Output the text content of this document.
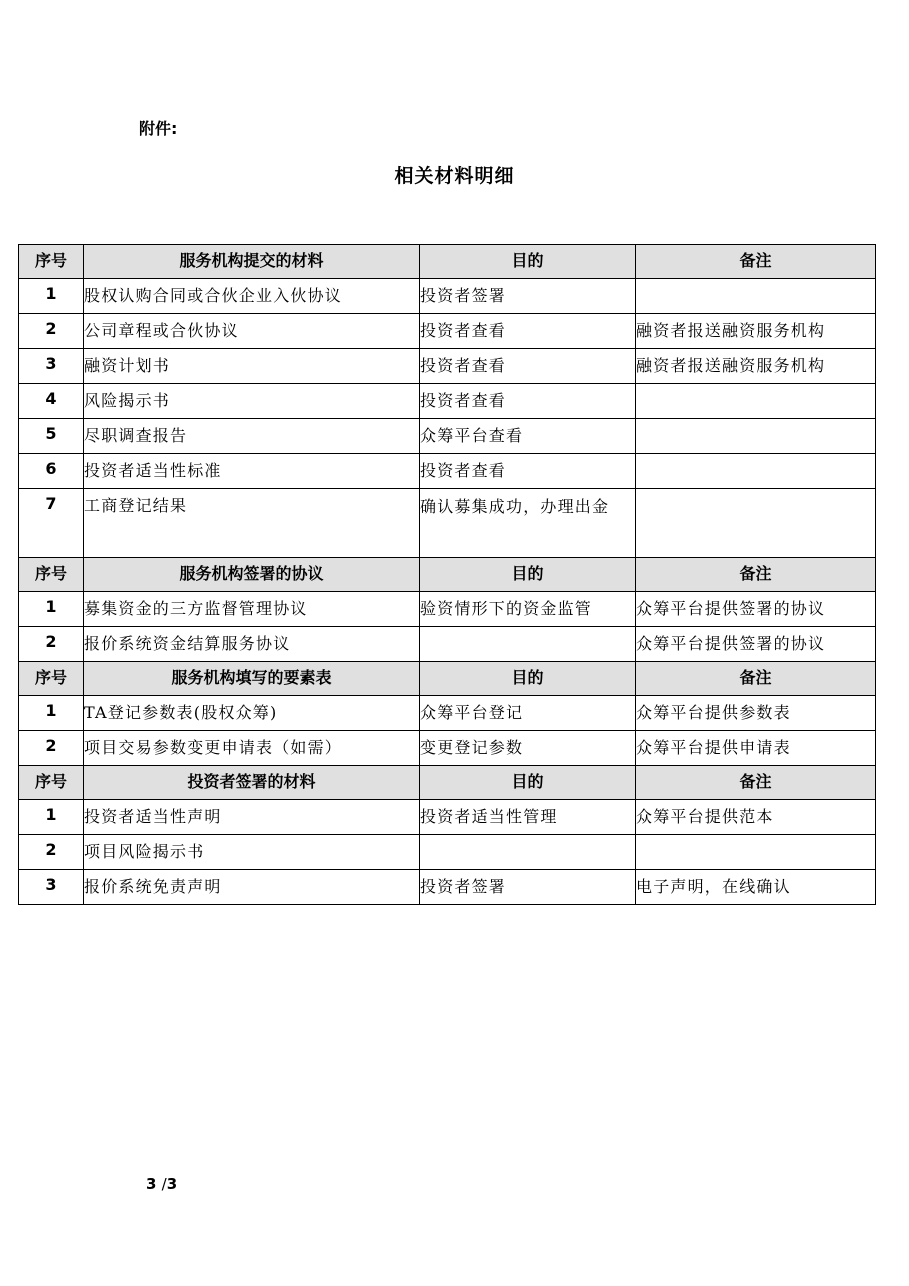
附件:
相关材料明细
序号	服务机构提交的材料	目的	备注
1	股权认购合同或合伙企业入伙协议	投资者签署	
2	公司章程或合伙协议	投资者查看	融资者报送融资服务机构
3	融资计划书	投资者查看	融资者报送融资服务机构
4	风险揭示书	投资者查看	
5	尽职调查报告	众筹平台查看	
6	投资者适当性标准	投资者查看	
7	工商登记结果	确认募集成功，办理出金	
序号	服务机构签署的协议	目的	备注
1	募集资金的三方监督管理协议	验资情形下的资金监管	众筹平台提供签署的协议
2	报价系统资金结算服务协议		众筹平台提供签署的协议
序号	服务机构填写的要素表	目的	备注
1	TA登记参数表(股权众筹)	众筹平台登记	众筹平台提供参数表
2	项目交易参数变更申请表（如需）	变更登记参数	众筹平台提供申请表
序号	投资者签署的材料	目的	备注
1	投资者适当性声明	投资者适当性管理	众筹平台提供范本
2	项目风险揭示书		
3	报价系统免责声明	投资者签署	电子声明，在线确认
3 /3
